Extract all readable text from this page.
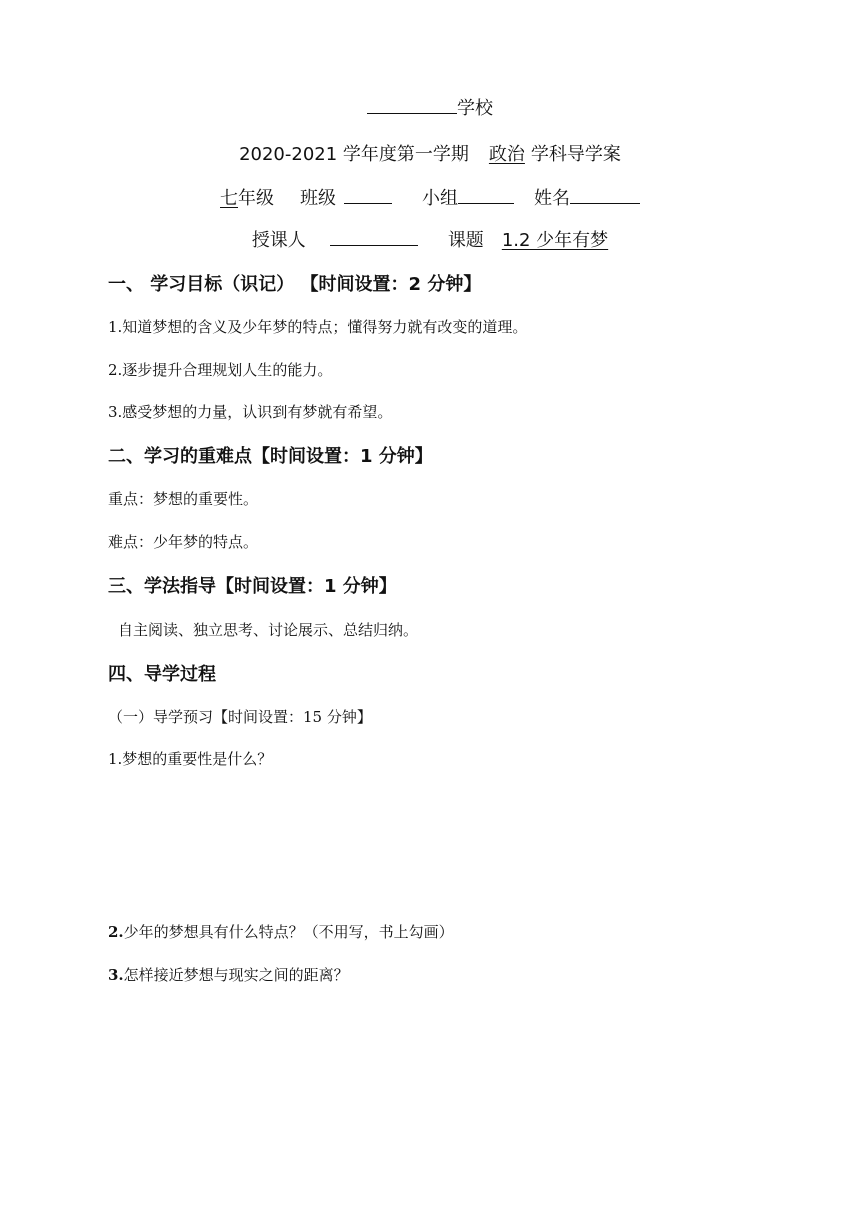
学校
2020-2021 学年度第一学期 政治 学科导学案
七年级 班级	小组	姓名
授课人	课题 1.2 少年有梦
一、 学习目标（识记） 【时间设置：2 分钟】
1.知道梦想的含义及少年梦的特点；懂得努力就有改变的道理。
2.逐步提升合理规划人生的能力。
3.感受梦想的力量，认识到有梦就有希望。
二、学习的重难点【时间设置：1 分钟】
重点：梦想的重要性。
难点：少年梦的特点。
三、学法指导【时间设置：1 分钟】
自主阅读、独立思考、讨论展示、总结归纳。
四、导学过程
（一）导学预习【时间设置：15 分钟】
1.梦想的重要性是什么？
2.少年的梦想具有什么特点？（不用写，书上勾画）
3.怎样接近梦想与现实之间的距离？
